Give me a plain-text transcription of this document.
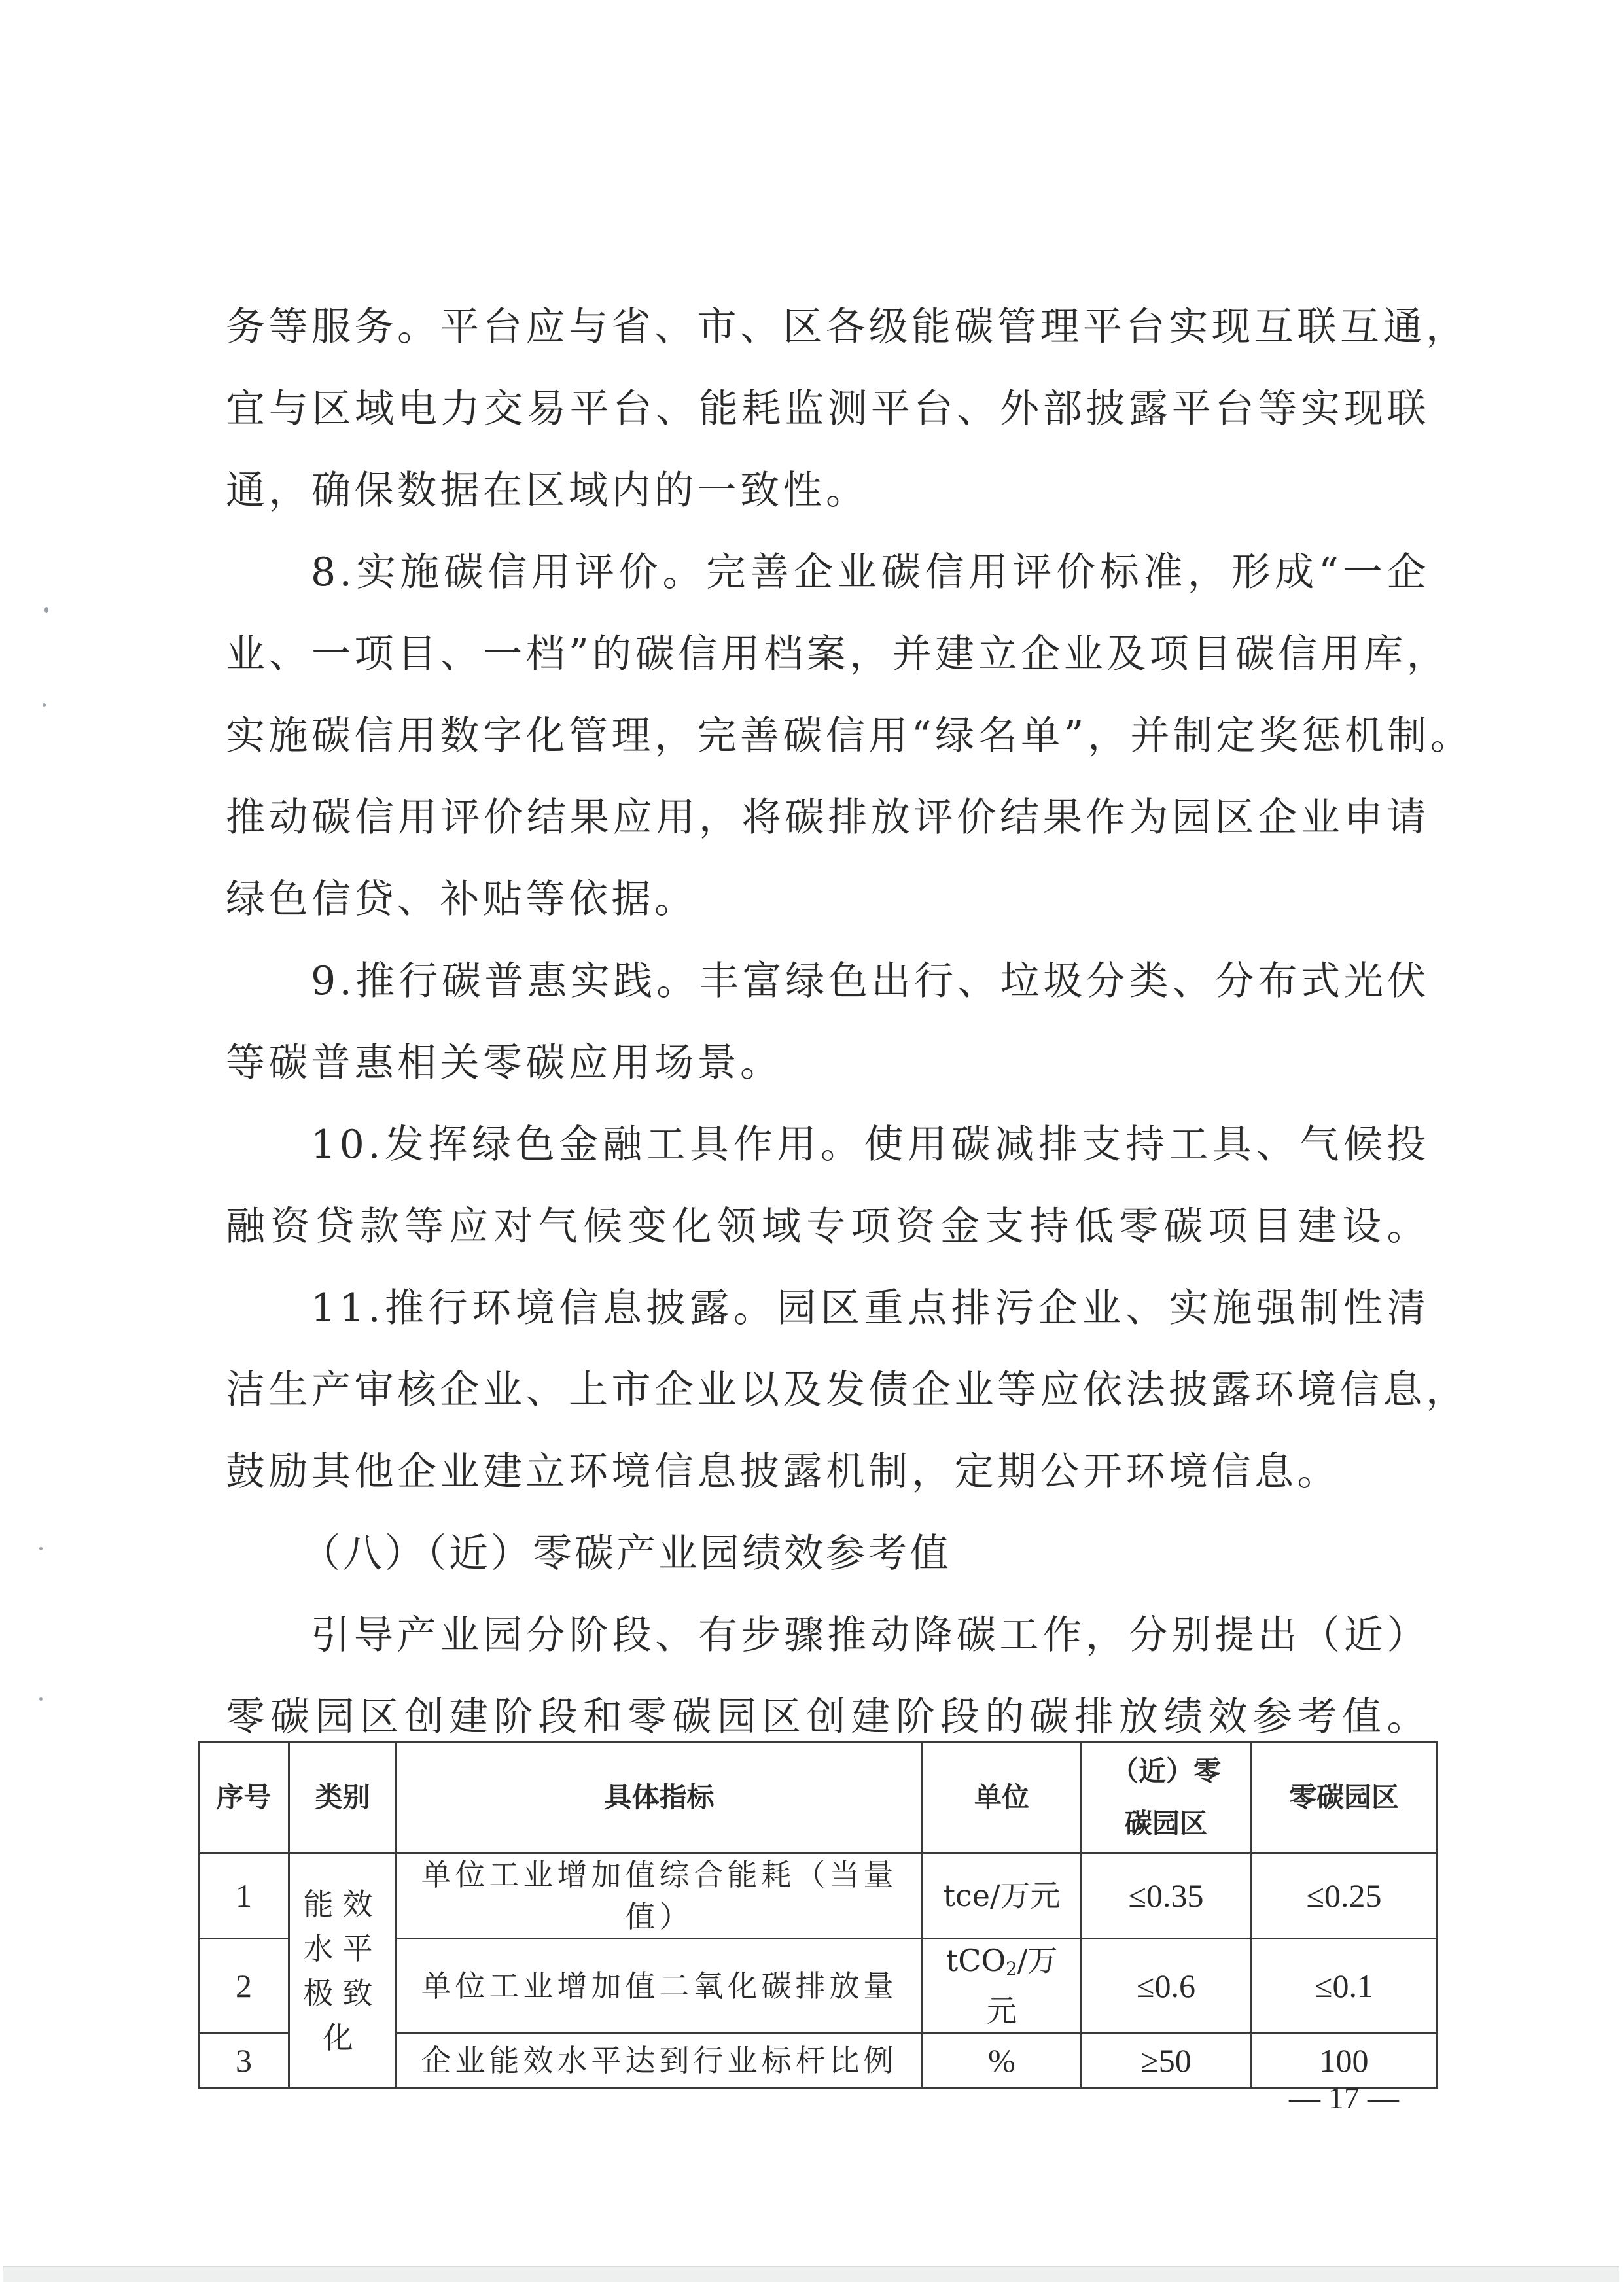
务等服务。平台应与省、市、区各级能碳管理平台实现互联互通，
宜与区域电力交易平台、能耗监测平台、外部披露平台等实现联
通，确保数据在区域内的一致性。
8.实施碳信用评价。完善企业碳信用评价标准，形成“一企
业、一项目、一档”的碳信用档案，并建立企业及项目碳信用库，
实施碳信用数字化管理，完善碳信用“绿名单”，并制定奖惩机制。
推动碳信用评价结果应用，将碳排放评价结果作为园区企业申请
绿色信贷、补贴等依据。
9.推行碳普惠实践。丰富绿色出行、垃圾分类、分布式光伏
等碳普惠相关零碳应用场景。
10.发挥绿色金融工具作用。使用碳减排支持工具、气候投
融资贷款等应对气候变化领域专项资金支持低零碳项目建设。
11.推行环境信息披露。园区重点排污企业、实施强制性清
洁生产审核企业、上市企业以及发债企业等应依法披露环境信息，
鼓励其他企业建立环境信息披露机制，定期公开环境信息。
（八）（近）零碳产业园绩效参考值
引导产业园分阶段、有步骤推动降碳工作，分别提出（近）
零碳园区创建阶段和零碳园区创建阶段的碳排放绩效参考值。
序号	类别	具体指标	单位	（近）零碳园区	零碳园区
1	能效水平极致化	单位工业增加值综合能耗（当量值）	tce/万元	≤0.35	≤0.25
2		单位工业增加值二氧化碳排放量	tCO$_2$/万元	≤0.6	≤0.1
3		企业能效水平达到行业标杆比例	%	≥50	100
— 17 —
